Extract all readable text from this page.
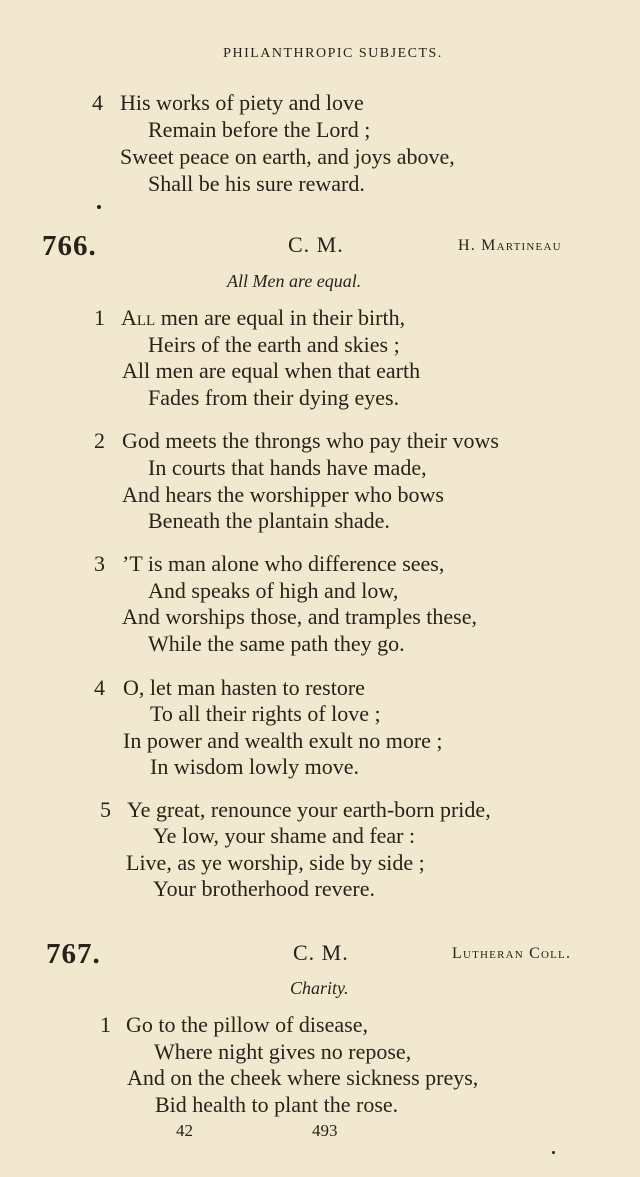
PHILANTHROPIC SUBJECTS.
4 His works of piety and love
Remain before the Lord ;
Sweet peace on earth, and joys above,
Shall be his sure reward.
766.	C. M.	H. Martineau
All Men are equal.
1 All men are equal in their birth,
Heirs of the earth and skies ;
All men are equal when that earth
Fades from their dying eyes.
2 God meets the throngs who pay their vows
In courts that hands have made,
And hears the worshipper who bows
Beneath the plantain shade.
3 ’T is man alone who difference sees,
And speaks of high and low,
And worships those, and tramples these,
While the same path they go.
4 O, let man hasten to restore
To all their rights of love ;
In power and wealth exult no more ;
In wisdom lowly move.
5 Ye great, renounce your earth-born pride,
Ye low, your shame and fear :
Live, as ye worship, side by side ;
Your brotherhood revere.
767.	C. M.	Lutheran Coll.
Charity.
1 Go to the pillow of disease,
Where night gives no repose,
And on the cheek where sickness preys,
Bid health to plant the rose.
42	493
